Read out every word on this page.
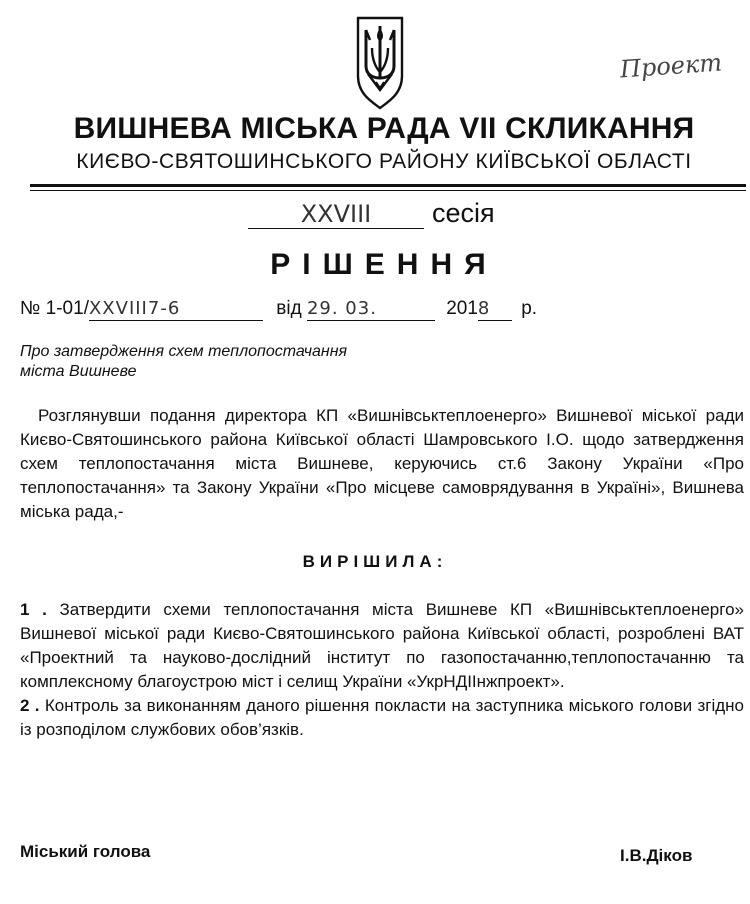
Проект
ВИШНЕВА МІСЬКА РАДА VII СКЛИКАННЯ
КИЄВО-СВЯТОШИНСЬКОГО РАЙОНУ КИЇВСЬКОЇ ОБЛАСТІ
XXVIII сесія
РІШЕННЯ
№ 1-01/XXVIII7-6	від 29. 03.	2018 р.
Про затвердження схем теплопостачання
міста Вишневе

Розглянувши подання директора КП «Вишнівськтеплоенерго» Вишневої міської ради Києво-Святошинського района Київської області Шамровського І.О. щодо затвердження схем теплопостачання міста Вишневе, керуючись ст.6 Закону України «Про теплопостачання» та Закону України «Про місцеве самоврядування в Україні», Вишнева міська рада,-

ВИРІШИЛА:

1 . Затвердити схеми теплопостачання міста Вишневе КП «Вишнівськтеплоенерго» Вишневої міської ради Києво-Святошинського района Київської області, розроблені ВАТ «Проектний та науково-дослідний інститут по газопостачанню,теплопостачанню та комплексному благоустрою міст і селищ України «УкрНДІІнжпроект».

2 . Контроль за виконанням даного рішення покласти на заступника міського голови згідно із розподілом службових обов’язків.

Міський голова	І.В.Діков
